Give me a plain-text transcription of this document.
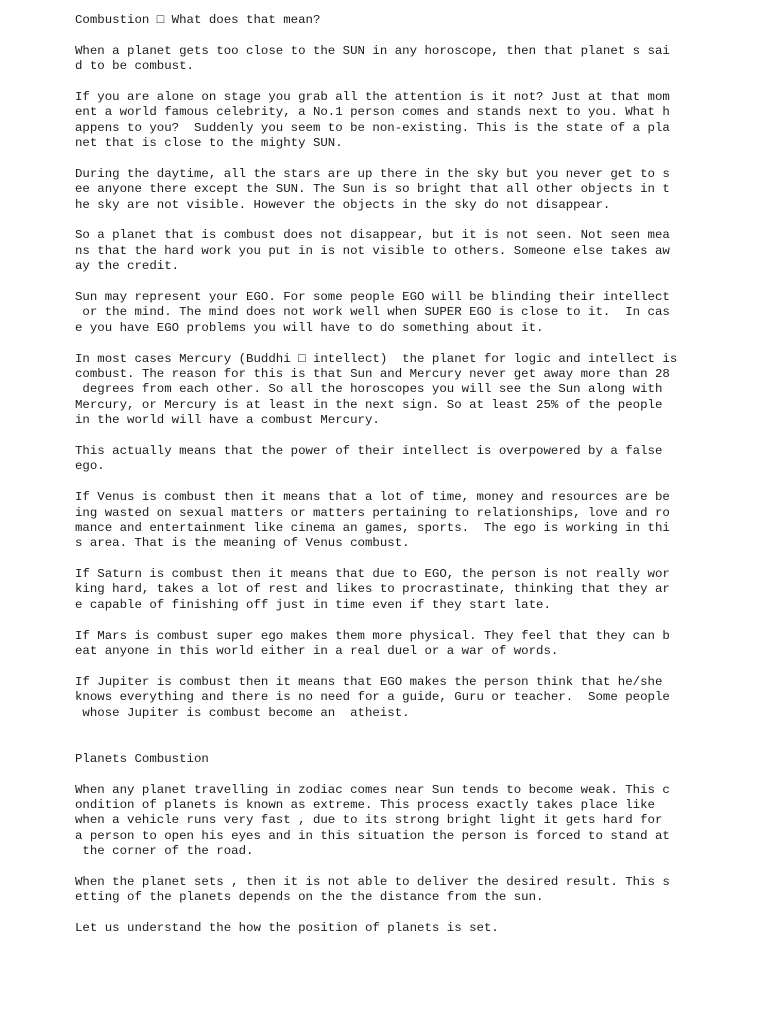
Combustion □ What does that mean?
When a planet gets too close to the SUN in any horoscope, then that planet s sai
d to be combust.
If you are alone on stage you grab all the attention is it not? Just at that mom
ent a world famous celebrity, a No.1 person comes and stands next to you. What h
appens to you?  Suddenly you seem to be non-existing. This is the state of a pla
net that is close to the mighty SUN.
During the daytime, all the stars are up there in the sky but you never get to s
ee anyone there except the SUN. The Sun is so bright that all other objects in t
he sky are not visible. However the objects in the sky do not disappear.
So a planet that is combust does not disappear, but it is not seen. Not seen mea
ns that the hard work you put in is not visible to others. Someone else takes aw
ay the credit.
Sun may represent your EGO. For some people EGO will be blinding their intellect
or the mind. The mind does not work well when SUPER EGO is close to it.  In cas
e you have EGO problems you will have to do something about it.
In most cases Mercury (Buddhi □ intellect)  the planet for logic and intellect is
combust. The reason for this is that Sun and Mercury never get away more than 28
degrees from each other. So all the horoscopes you will see the Sun along with
Mercury, or Mercury is at least in the next sign. So at least 25% of the people
in the world will have a combust Mercury.
This actually means that the power of their intellect is overpowered by a false
ego.
If Venus is combust then it means that a lot of time, money and resources are be
ing wasted on sexual matters or matters pertaining to relationships, love and ro
mance and entertainment like cinema an games, sports.  The ego is working in thi
s area. That is the meaning of Venus combust.
If Saturn is combust then it means that due to EGO, the person is not really wor
king hard, takes a lot of rest and likes to procrastinate, thinking that they ar
e capable of finishing off just in time even if they start late.
If Mars is combust super ego makes them more physical. They feel that they can b
eat anyone in this world either in a real duel or a war of words.
If Jupiter is combust then it means that EGO makes the person think that he/she
knows everything and there is no need for a guide, Guru or teacher.  Some people
whose Jupiter is combust become an  atheist.
Planets Combustion
When any planet travelling in zodiac comes near Sun tends to become weak. This c
ondition of planets is known as extreme. This process exactly takes place like
when a vehicle runs very fast , due to its strong bright light it gets hard for
a person to open his eyes and in this situation the person is forced to stand at
the corner of the road.
When the planet sets , then it is not able to deliver the desired result. This s
etting of the planets depends on the the distance from the sun.
Let us understand the how the position of planets is set.
